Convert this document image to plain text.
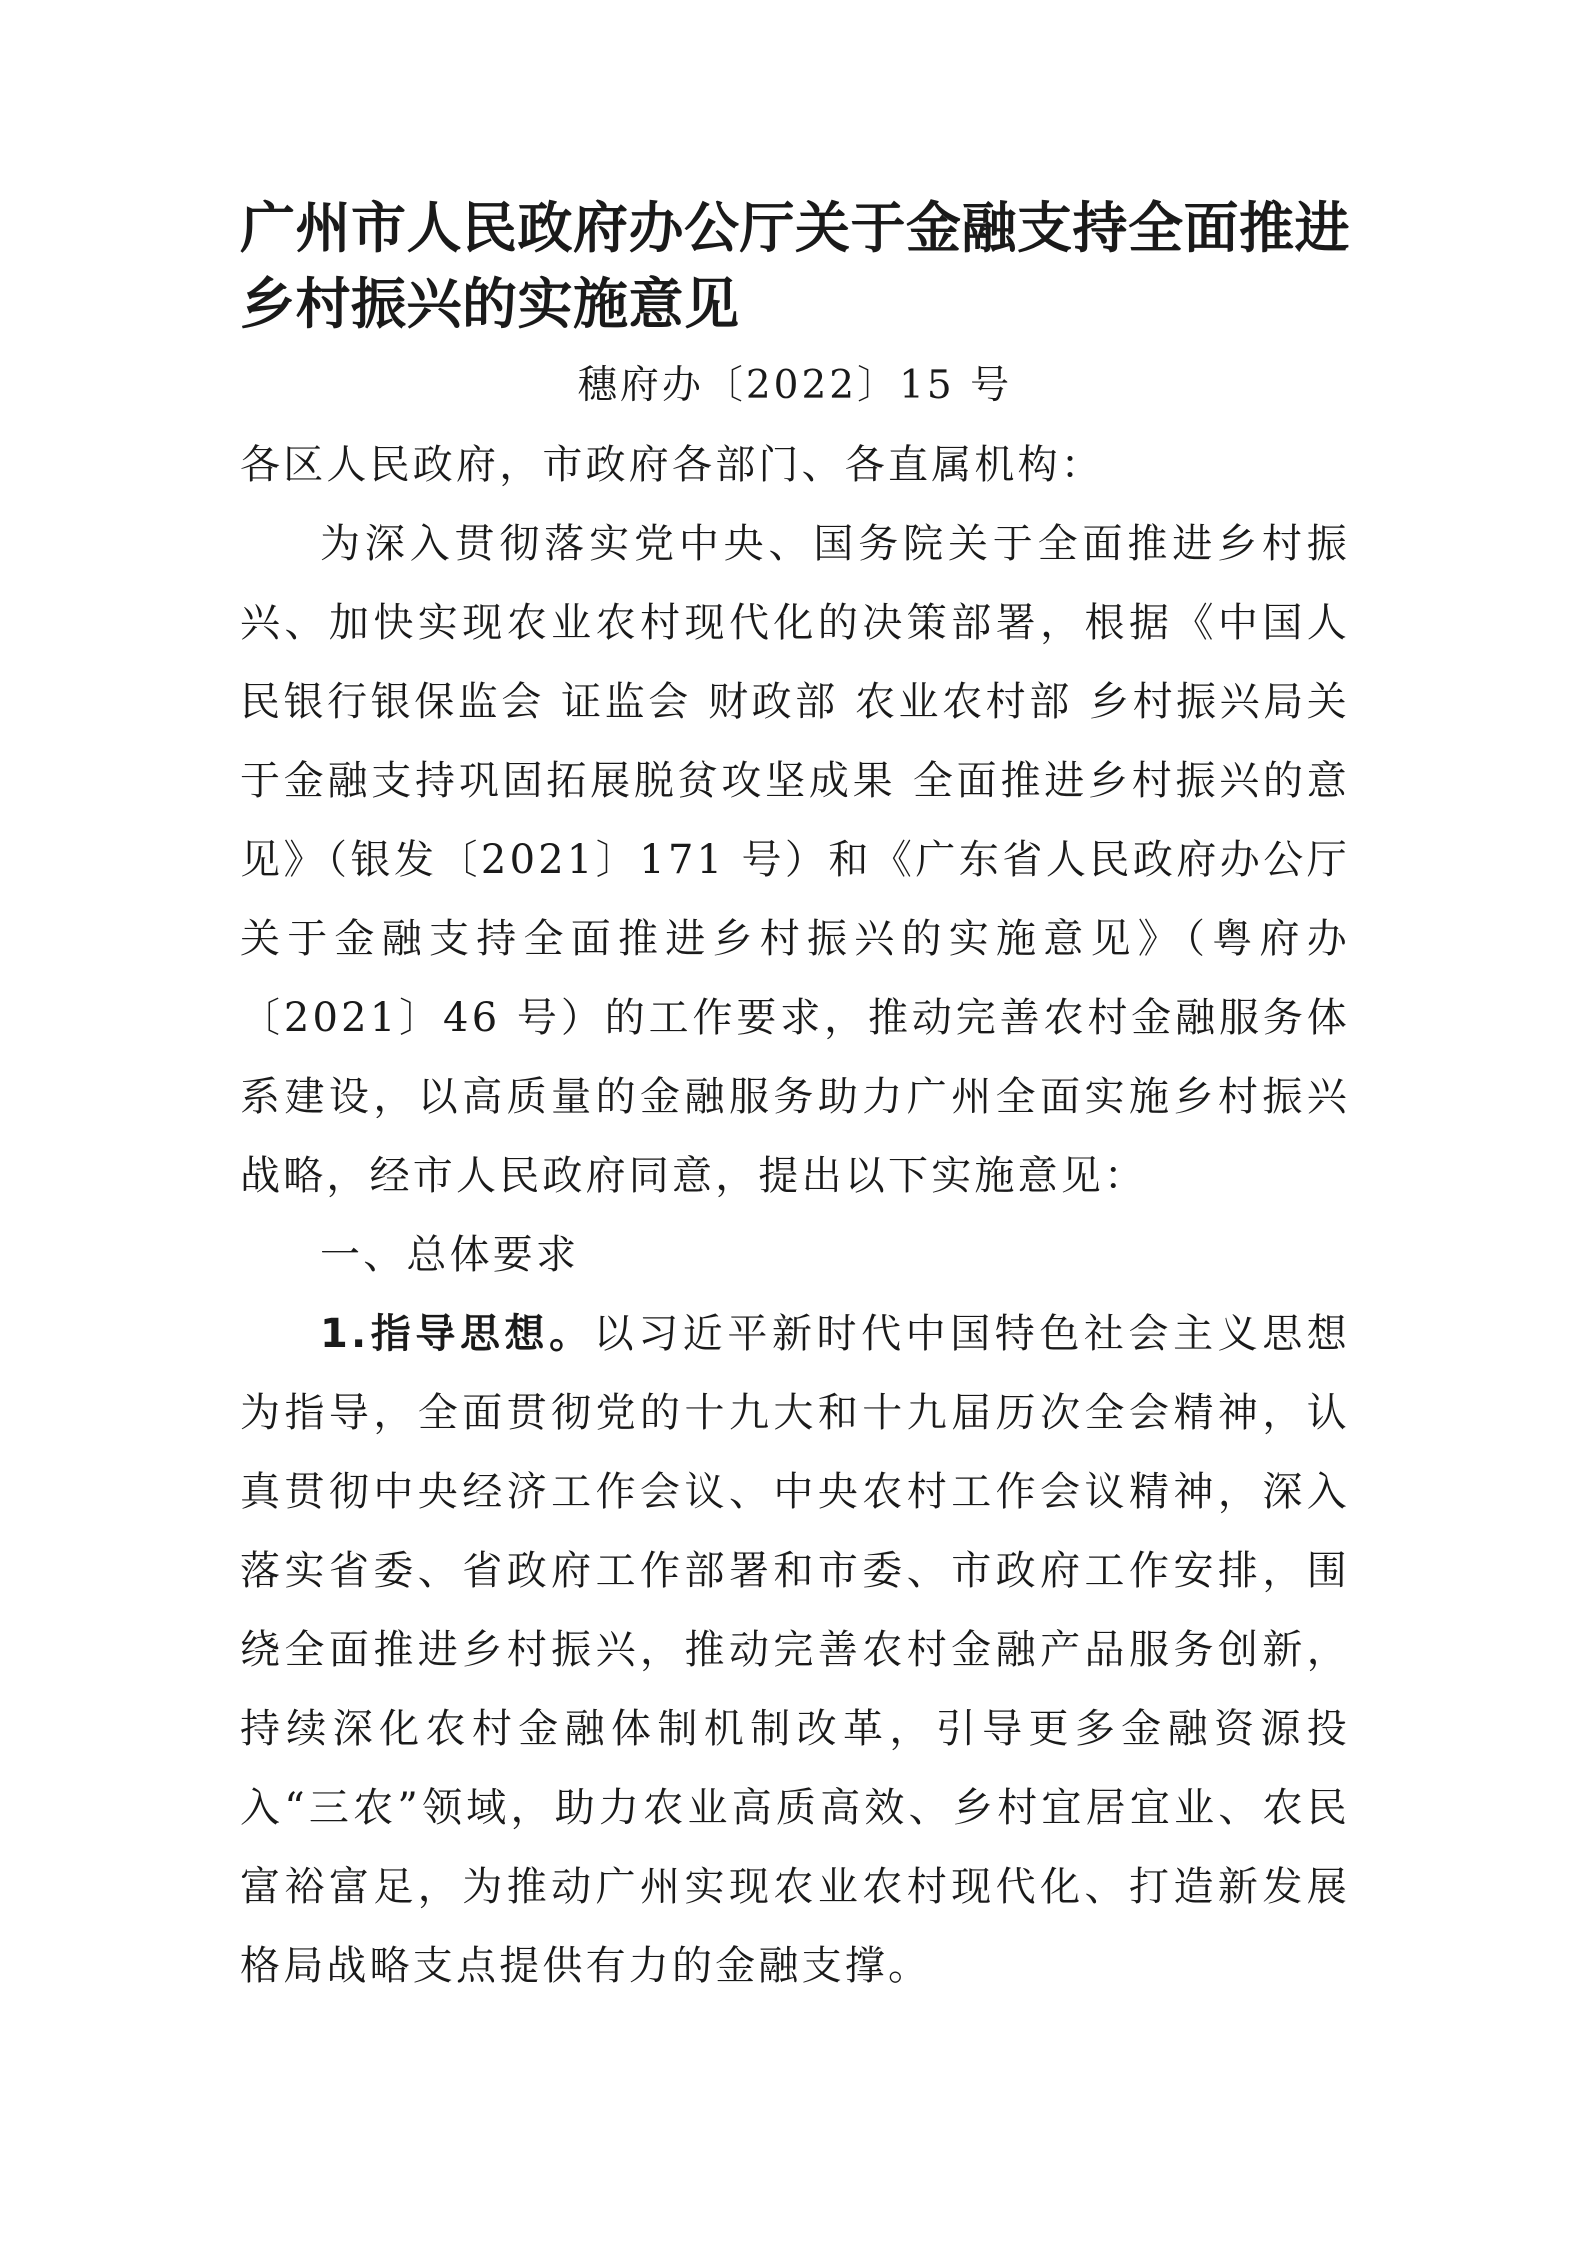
广州市人民政府办公厅关于金融支持全面推进乡村振兴的实施意见
穗府办〔2022〕15 号

各区人民政府，市政府各部门、各直属机构：

为深入贯彻落实党中央、国务院关于全面推进乡村振兴、加快实现农业农村现代化的决策部署，根据《中国人民银行银保监会 证监会 财政部 农业农村部 乡村振兴局关于金融支持巩固拓展脱贫攻坚成果 全面推进乡村振兴的意见》（银发〔2021〕171 号）和《广东省人民政府办公厅关于金融支持全面推进乡村振兴的实施意见》（粤府办〔2021〕46 号）的工作要求，推动完善农村金融服务体系建设，以高质量的金融服务助力广州全面实施乡村振兴战略，经市人民政府同意，提出以下实施意见：

一、总体要求

1.指导思想。以习近平新时代中国特色社会主义思想为指导，全面贯彻党的十九大和十九届历次全会精神，认真贯彻中央经济工作会议、中央农村工作会议精神，深入落实省委、省政府工作部署和市委、市政府工作安排，围绕全面推进乡村振兴，推动完善农村金融产品服务创新，持续深化农村金融体制机制改革，引导更多金融资源投入“三农”领域，助力农业高质高效、乡村宜居宜业、农民富裕富足，为推动广州实现农业农村现代化、打造新发展格局战略支点提供有力的金融支撑。
